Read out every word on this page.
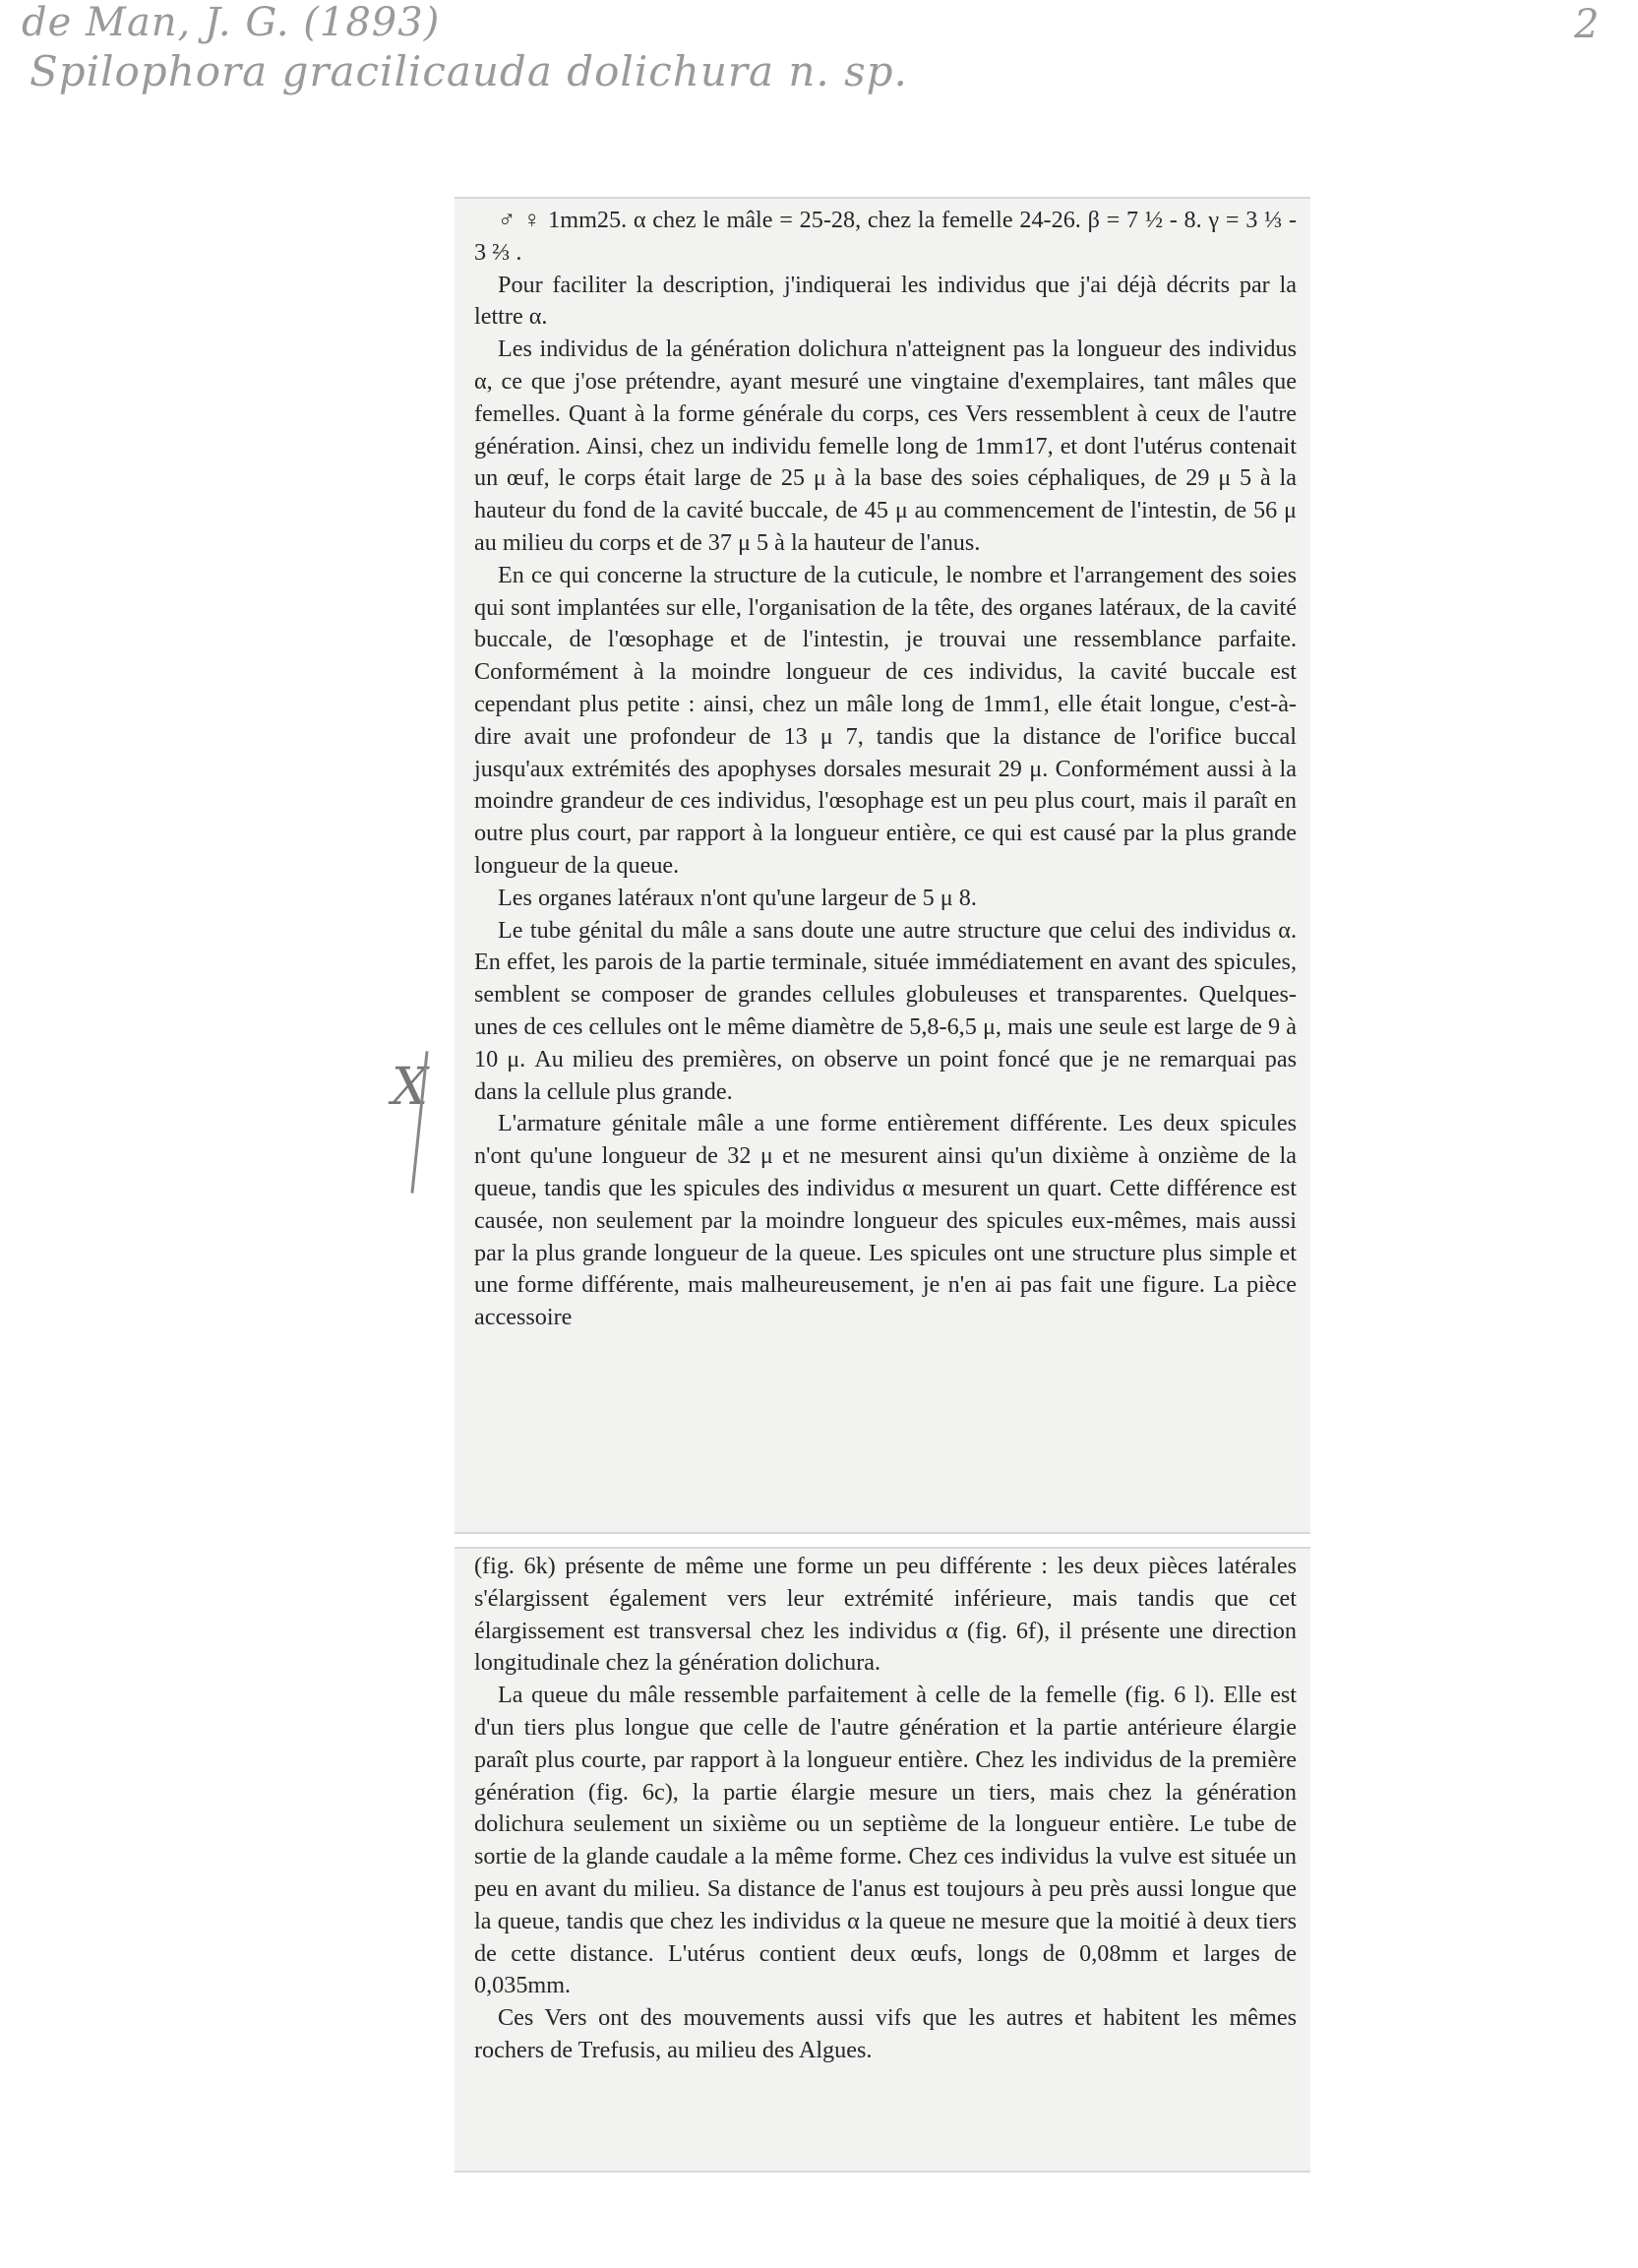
de Man, J. G. (1893)
Spilophora gracilicauda dolichura n. sp.
2
X

♂ ♀ 1mm25. α chez le mâle = 25-28, chez la femelle 24-26. β = 7 ½ - 8. γ = 3 ⅓ - 3 ⅔ .

Pour faciliter la description, j'indiquerai les individus que j'ai déjà décrits par la lettre α.

Les individus de la génération dolichura n'atteignent pas la longueur des individus α, ce que j'ose prétendre, ayant mesuré une vingtaine d'exemplaires, tant mâles que femelles. Quant à la forme générale du corps, ces Vers ressemblent à ceux de l'autre génération. Ainsi, chez un individu femelle long de 1mm17, et dont l'utérus contenait un œuf, le corps était large de 25 μ à la base des soies céphaliques, de 29 μ 5 à la hauteur du fond de la cavité buccale, de 45 μ au commencement de l'intestin, de 56 μ au milieu du corps et de 37 μ 5 à la hauteur de l'anus.

En ce qui concerne la structure de la cuticule, le nombre et l'arrangement des soies qui sont implantées sur elle, l'organisation de la tête, des organes latéraux, de la cavité buccale, de l'œsophage et de l'intestin, je trouvai une ressemblance parfaite. Conformément à la moindre longueur de ces individus, la cavité buccale est cependant plus petite : ainsi, chez un mâle long de 1mm1, elle était longue, c'est-à-dire avait une profondeur de 13 μ 7, tandis que la distance de l'orifice buccal jusqu'aux extrémités des apophyses dorsales mesurait 29 μ. Conformément aussi à la moindre grandeur de ces individus, l'œsophage est un peu plus court, mais il paraît en outre plus court, par rapport à la longueur entière, ce qui est causé par la plus grande longueur de la queue.

Les organes latéraux n'ont qu'une largeur de 5 μ 8.

Le tube génital du mâle a sans doute une autre structure que celui des individus α. En effet, les parois de la partie terminale, située immédiatement en avant des spicules, semblent se composer de grandes cellules globuleuses et transparentes. Quelques-unes de ces cellules ont le même diamètre de 5,8-6,5 μ, mais une seule est large de 9 à 10 μ. Au milieu des premières, on observe un point foncé que je ne remarquai pas dans la cellule plus grande.

L'armature génitale mâle a une forme entièrement différente. Les deux spicules n'ont qu'une longueur de 32 μ et ne mesurent ainsi qu'un dixième à onzième de la queue, tandis que les spicules des individus α mesurent un quart. Cette différence est causée, non seulement par la moindre longueur des spicules eux-mêmes, mais aussi par la plus grande longueur de la queue. Les spicules ont une structure plus simple et une forme différente, mais malheureusement, je n'en ai pas fait une figure. La pièce accessoire

(fig. 6k) présente de même une forme un peu différente : les deux pièces latérales s'élargissent également vers leur extrémité inférieure, mais tandis que cet élargissement est transversal chez les individus α (fig. 6f), il présente une direction longitudinale chez la génération dolichura.

La queue du mâle ressemble parfaitement à celle de la femelle (fig. 6 l). Elle est d'un tiers plus longue que celle de l'autre génération et la partie antérieure élargie paraît plus courte, par rapport à la longueur entière. Chez les individus de la première génération (fig. 6c), la partie élargie mesure un tiers, mais chez la génération dolichura seulement un sixième ou un septième de la longueur entière. Le tube de sortie de la glande caudale a la même forme. Chez ces individus la vulve est située un peu en avant du milieu. Sa distance de l'anus est toujours à peu près aussi longue que la queue, tandis que chez les individus α la queue ne mesure que la moitié à deux tiers de cette distance. L'utérus contient deux œufs, longs de 0,08mm et larges de 0,035mm.

Ces Vers ont des mouvements aussi vifs que les autres et habitent les mêmes rochers de Trefusis, au milieu des Algues.
